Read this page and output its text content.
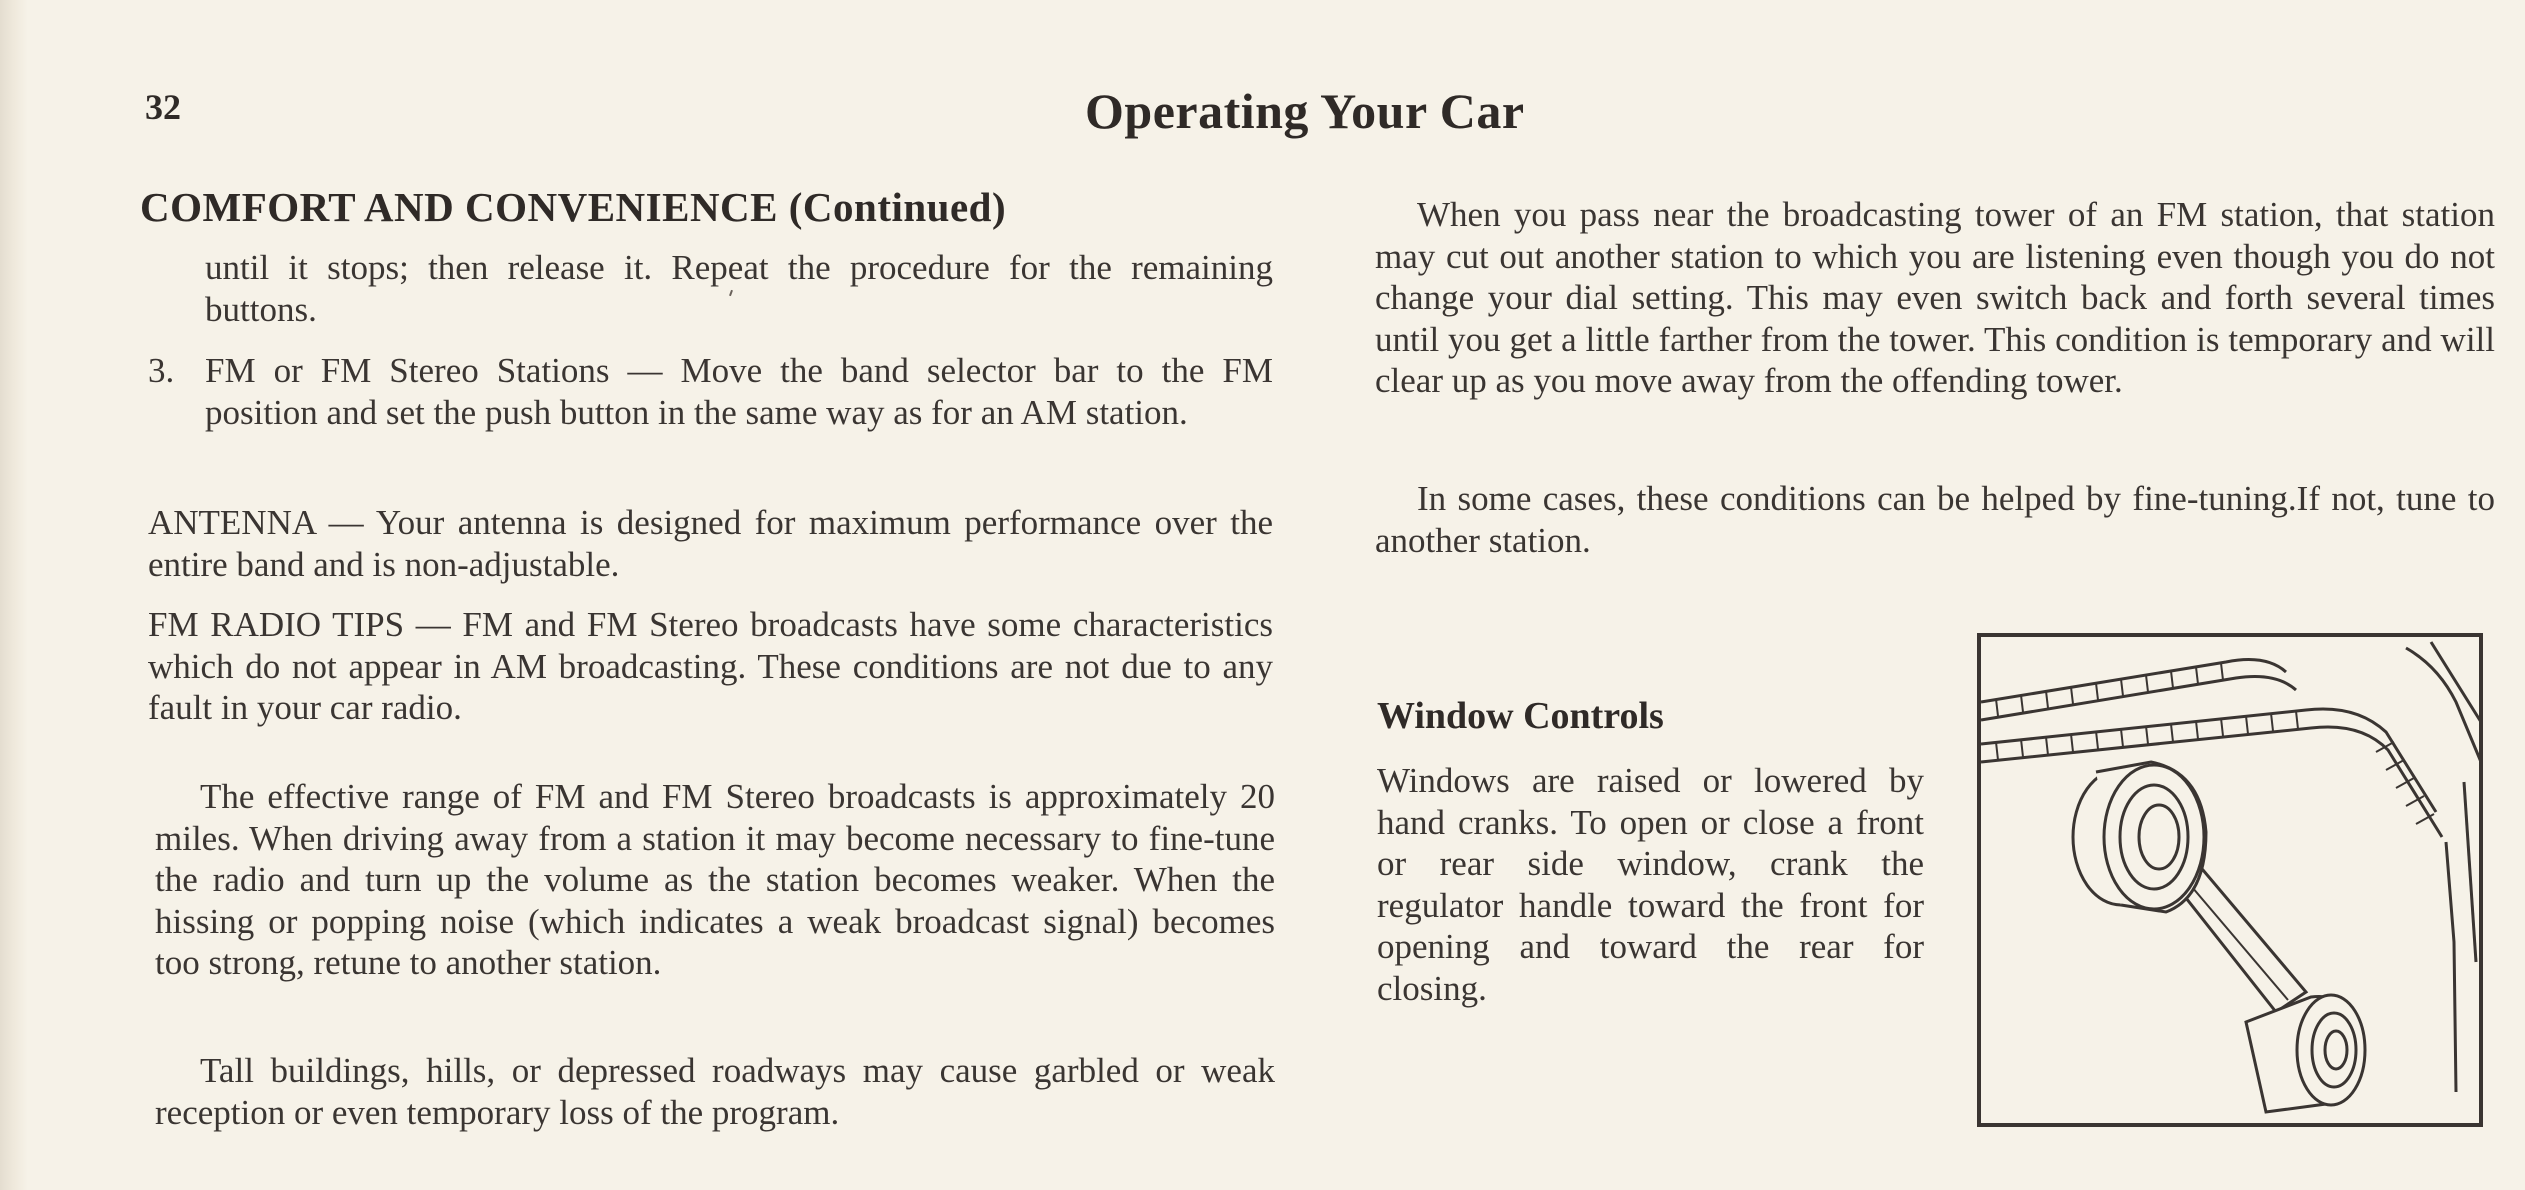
32	Operating Your Car
COMFORT AND CONVENIENCE (Continued)
until it stops; then release it. Repeat the procedure for the remaining buttons.
3. FM or FM Stereo Stations — Move the band selector bar to the FM position and set the push button in the same way as for an AM station.
ANTENNA — Your antenna is designed for maximum performance over the entire band and is non-adjustable.
FM RADIO TIPS — FM and FM Stereo broadcasts have some characteristics which do not appear in AM broadcasting. These conditions are not due to any fault in your car radio.
The effective range of FM and FM Stereo broadcasts is approximately 20 miles. When driving away from a station it may become necessary to fine-tune the radio and turn up the volume as the station becomes weaker. When the hissing or popping noise (which indicates a weak broadcast signal) becomes too strong, retune to another station.
Tall buildings, hills, or depressed roadways may cause garbled or weak reception or even temporary loss of the program.
When you pass near the broadcasting tower of an FM station, that station may cut out another station to which you are listening even though you do not change your dial setting. This may even switch back and forth several times until you get a little farther from the tower. This condition is temporary and will clear up as you move away from the offending tower.
In some cases, these conditions can be helped by fine-tuning.If not, tune to another station.
Window Controls
Windows are raised or lowered by hand cranks. To open or close a front or rear side window, crank the regulator handle toward the front for opening and toward the rear for closing.
